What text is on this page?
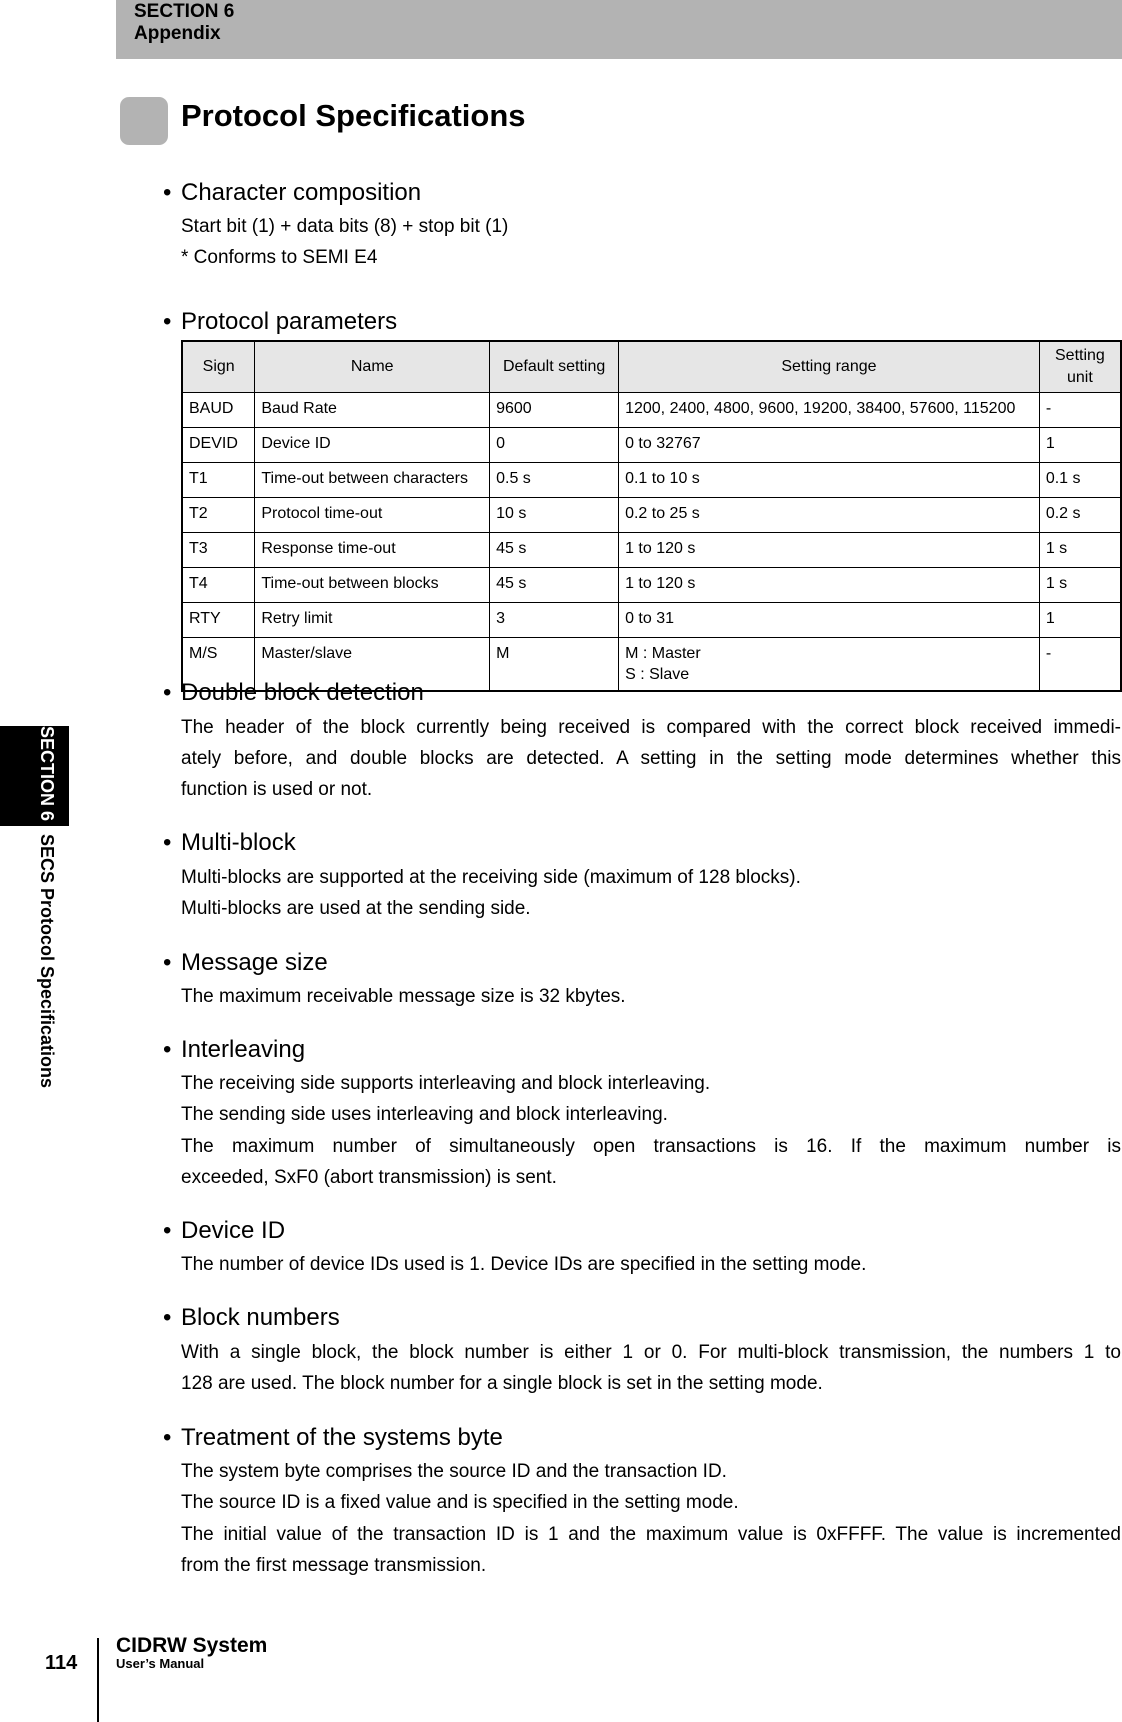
SECTION 6
Appendix
Protocol Specifications
SECTION 6SECS Protocol Specifications
• Character composition
Start bit (1) + data bits (8) + stop bit (1)
* Conforms to SEMI E4
• Protocol parameters
Sign	Name	Default setting	Setting range	Setting
unit
BAUD	Baud Rate	9600	1200, 2400, 4800, 9600, 19200, 38400, 57600, 115200	-
DEVID	Device ID	0	0 to 32767	1
T1	Time-out between characters	0.5 s	0.1 to 10 s	0.1 s
T2	Protocol time-out	10 s	0.2 to 25 s	0.2 s
T3	Response time-out	45 s	1 to 120 s	1 s
T4	Time-out between blocks	45 s	1 to 120 s	1 s
RTY	Retry limit	3	0 to 31	1
M/S	Master/slave	M	M : Master
S : Slave	-
• Double block detection
The header of the block currently being received is compared with the correct block received immedi-
ately before, and double blocks are detected. A setting in the setting mode determines whether this
function is used or not.
• Multi-block
Multi-blocks are supported at the receiving side (maximum of 128 blocks).
Multi-blocks are used at the sending side.
• Message size
The maximum receivable message size is 32 kbytes.
• Interleaving
The receiving side supports interleaving and block interleaving.
The sending side uses interleaving and block interleaving.
The maximum number of simultaneously open transactions is 16. If the maximum number is
exceeded, SxF0 (abort transmission) is sent.
• Device ID
The number of device IDs used is 1. Device IDs are specified in the setting mode.
• Block numbers
With a single block, the block number is either 1 or 0. For multi-block transmission, the numbers 1 to
128 are used. The block number for a single block is set in the setting mode.
• Treatment of the systems byte
The system byte comprises the source ID and the transaction ID.
The source ID is a fixed value and is specified in the setting mode.
The initial value of the transaction ID is 1 and the maximum value is 0xFFFF. The value is incremented
from the first message transmission.
114
CIDRW System
User’s Manual
